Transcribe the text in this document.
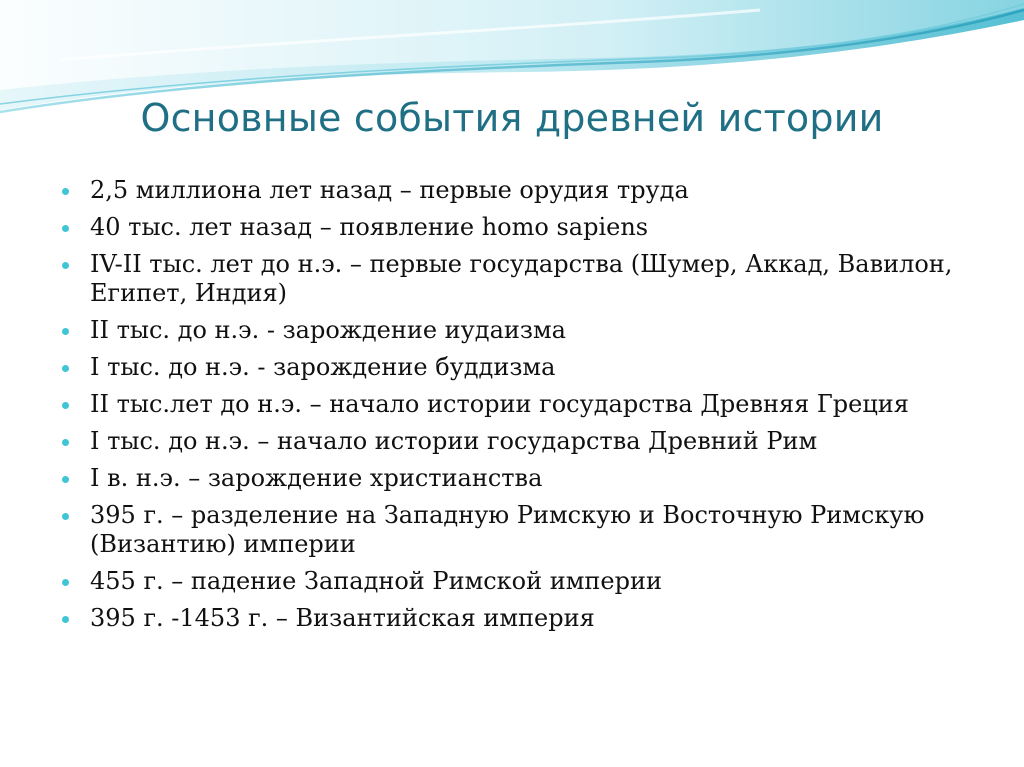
Основные события древней истории
2,5 миллиона лет назад – первые орудия труда
40 тыс. лет назад – появление homo sapiens
IV-II тыс. лет до н.э. – первые государства (Шумер, Аккад, Вавилон, Египет, Индия)
II тыс. до н.э. - зарождение иудаизма
I тыс. до н.э. - зарождение буддизма
II тыс.лет до н.э. – начало истории государства Древняя Греция
I тыс. до н.э. – начало истории государства Древний Рим
I в. н.э. – зарождение христианства
395 г. – разделение на Западную Римскую и Восточную Римскую (Византию) империи
455 г. – падение Западной Римской империи
395 г. -1453 г. – Византийская империя
